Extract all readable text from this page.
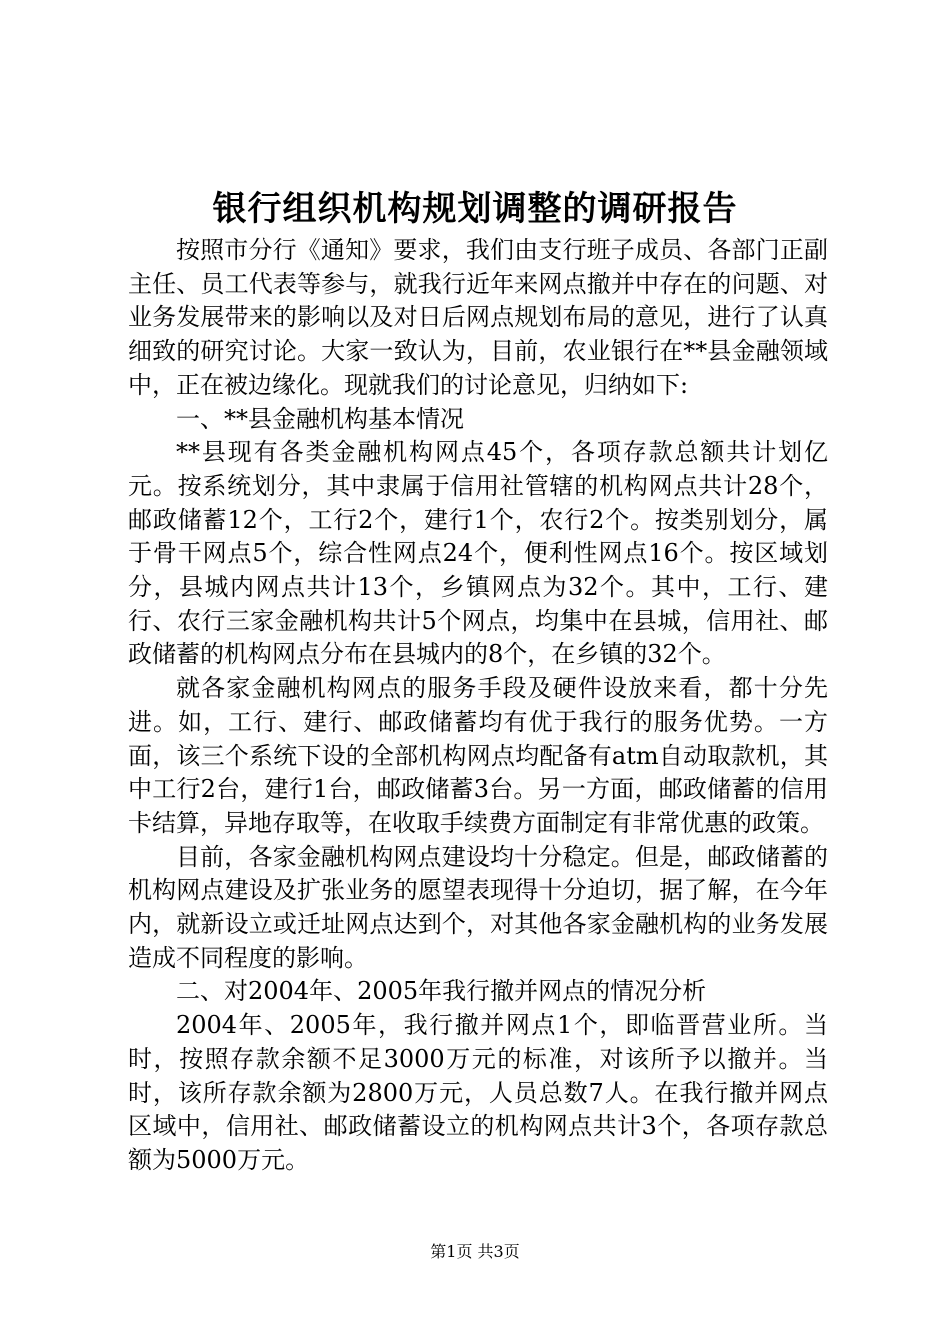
银行组织机构规划调整的调研报告

按照市分行《通知》要求，我们由支行班子成员、各部门正副主任、员工代表等参与，就我行近年来网点撤并中存在的问题、对业务发展带来的影响以及对日后网点规划布局的意见，进行了认真细致的研究讨论。大家一致认为，目前，农业银行在**县金融领域中，正在被边缘化。现就我们的讨论意见，归纳如下:

一、**县金融机构基本情况

**县现有各类金融机构网点45个，各项存款总额共计划亿元。按系统划分，其中隶属于信用社管辖的机构网点共计28个，邮政储蓄12个，工行2个，建行1个，农行2个。按类别划分，属于骨干网点5个，综合性网点24个，便利性网点16个。按区域划分，县城内网点共计13个，乡镇网点为32个。其中，工行、建行、农行三家金融机构共计5个网点，均集中在县城，信用社、邮政储蓄的机构网点分布在县城内的8个，在乡镇的32个。

就各家金融机构网点的服务手段及硬件设放来看，都十分先进。如，工行、建行、邮政储蓄均有优于我行的服务优势。一方面，该三个系统下设的全部机构网点均配备有atm自动取款机，其中工行2台，建行1台，邮政储蓄3台。另一方面，邮政储蓄的信用卡结算，异地存取等，在收取手续费方面制定有非常优惠的政策。

目前，各家金融机构网点建设均十分稳定。但是，邮政储蓄的机构网点建设及扩张业务的愿望表现得十分迫切，据了解，在今年内，就新设立或迁址网点达到个，对其他各家金融机构的业务发展造成不同程度的影响。

二、对2004年、2005年我行撤并网点的情况分析

2004年、2005年，我行撤并网点1个，即临晋营业所。当时，按照存款余额不足3000万元的标准，对该所予以撤并。当时，该所存款余额为2800万元，人员总数7人。在我行撤并网点区域中，信用社、邮政储蓄设立的机构网点共计3个，各项存款总额为5000万元。

第1页 共3页
